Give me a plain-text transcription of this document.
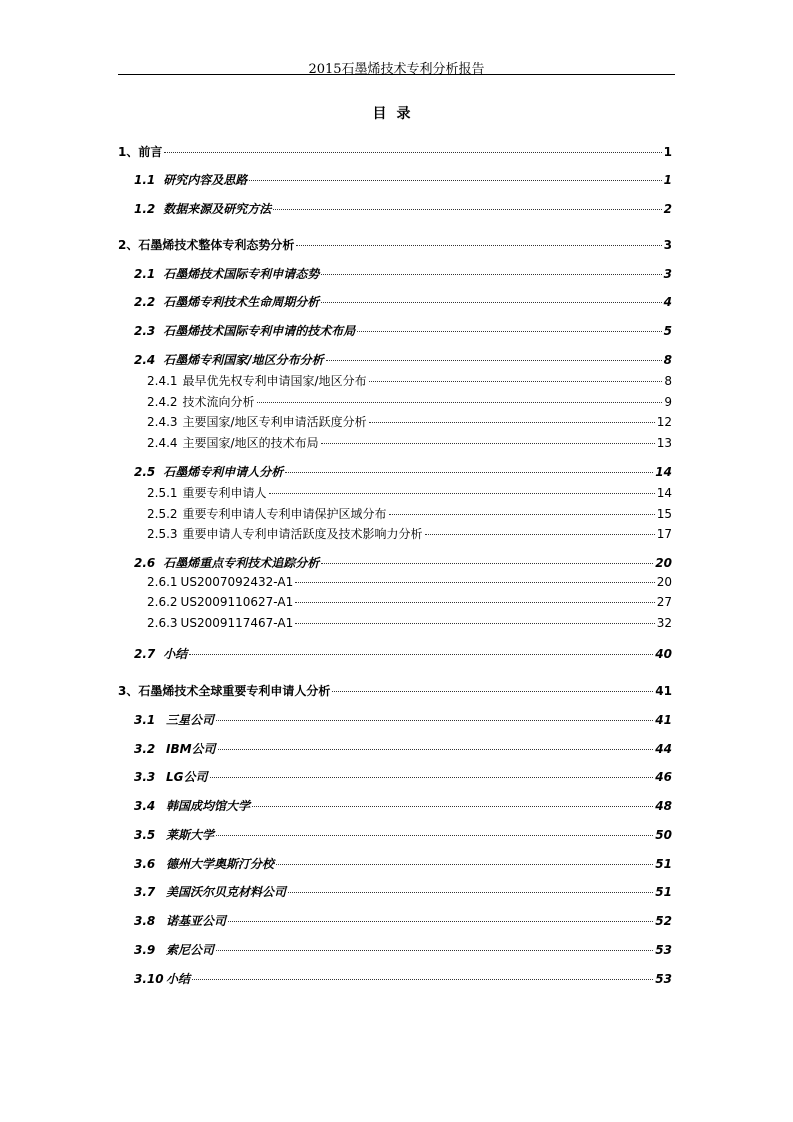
2015石墨烯技术专利分析报告
目录
1、 前言	1
1.1 研究内容及思路	1
1.2 数据来源及研究方法	2
2、 石墨烯技术整体专利态势分析	3
2.1 石墨烯技术国际专利申请态势	3
2.2 石墨烯专利技术生命周期分析	4
2.3 石墨烯技术国际专利申请的技术布局	5
2.4 石墨烯专利国家/地区分布分析	8
2.4.1 最早优先权专利申请国家/地区分布	8
2.4.2 技术流向分析	9
2.4.3 主要国家/地区专利申请活跃度分析	12
2.4.4 主要国家/地区的技术布局	13
2.5 石墨烯专利申请人分析	14
2.5.1 重要专利申请人	14
2.5.2 重要专利申请人专利申请保护区域分布	15
2.5.3 重要申请人专利申请活跃度及技术影响力分析	17
2.6 石墨烯重点专利技术追踪分析	20
2.6.1 US2007092432-A1	20
2.6.2 US2009110627-A1	27
2.6.3 US2009117467-A1	32
2.7 小结	40
3、 石墨烯技术全球重要专利申请人分析	41
3.1 三星公司	41
3.2 IBM公司	44
3.3 LG公司	46
3.4 韩国成均馆大学	48
3.5 莱斯大学	50
3.6 德州大学奥斯汀分校	51
3.7 美国沃尔贝克材料公司	51
3.8 诺基亚公司	52
3.9 索尼公司	53
3.10 小结	53
